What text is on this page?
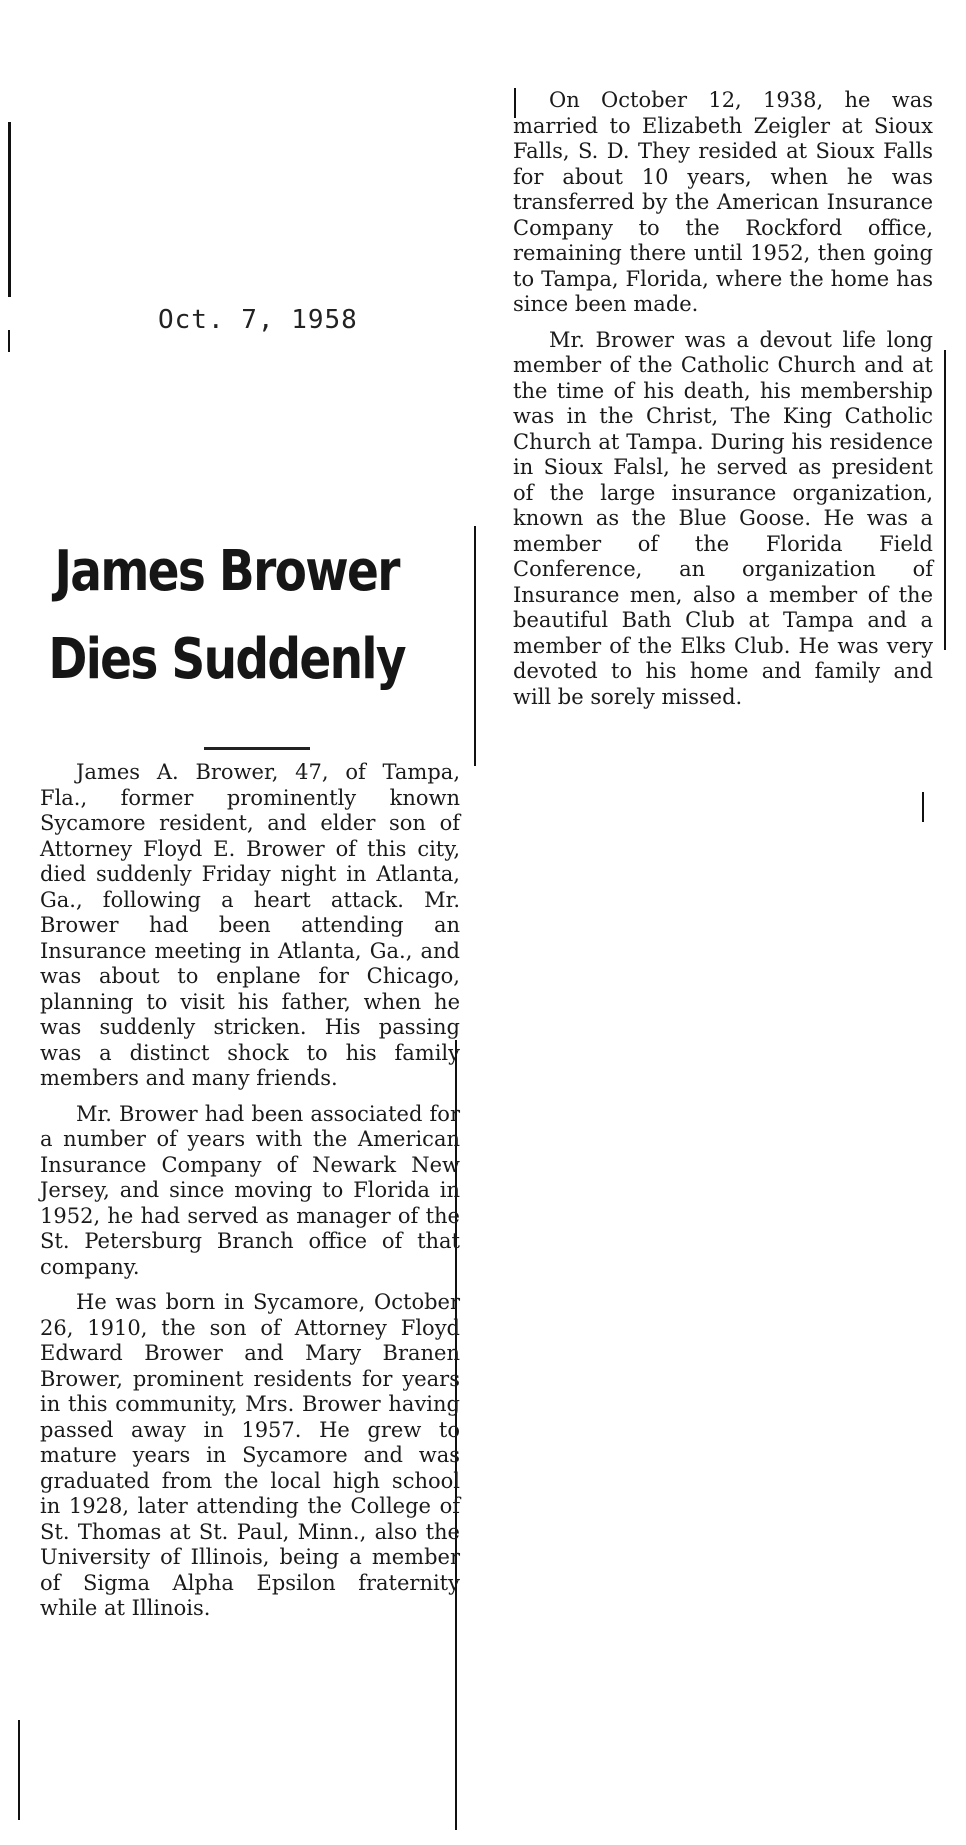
Oct. 7, 1958
James Brower
Dies Suddenly

James A. Brower, 47, of Tampa, Fla., former prominently known Sycamore resident, and elder son of Attorney Floyd E. Brower of this city, died suddenly Friday night in Atlanta, Ga., following a heart attack. Mr. Brower had been attending an Insurance meeting in Atlanta, Ga., and was about to enplane for Chicago, planning to visit his father, when he was suddenly stricken. His passing was a distinct shock to his family members and many friends.

Mr. Brower had been associated for a number of years with the American Insurance Company of Newark New Jersey, and since moving to Florida in 1952, he had served as manager of the St. Petersburg Branch office of that company.

He was born in Sycamore, October 26, 1910, the son of Attorney Floyd Edward Brower and Mary Branen Brower, prominent residents for years in this community, Mrs. Brower having passed away in 1957. He grew to mature years in Sycamore and was graduated from the local high school in 1928, later attending the College of St. Thomas at St. Paul, Minn., also the University of Illinois, being a member of Sigma Alpha Epsilon fraternity while at Illinois.

On October 12, 1938, he was married to Elizabeth Zeigler at Sioux Falls, S. D. They resided at Sioux Falls for about 10 years, when he was transferred by the American Insurance Company to the Rockford office, remaining there until 1952, then going to Tampa, Florida, where the home has since been made.

Mr. Brower was a devout life long member of the Catholic Church and at the time of his death, his membership was in the Christ, The King Catholic Church at Tampa. During his residence in Sioux Falsl, he served as president of the large insurance organization, known as the Blue Goose. He was a member of the Florida Field Conference, an organization of Insurance men, also a member of the beautiful Bath Club at Tampa and a member of the Elks Club. He was very devoted to his home and family and will be sorely missed.
